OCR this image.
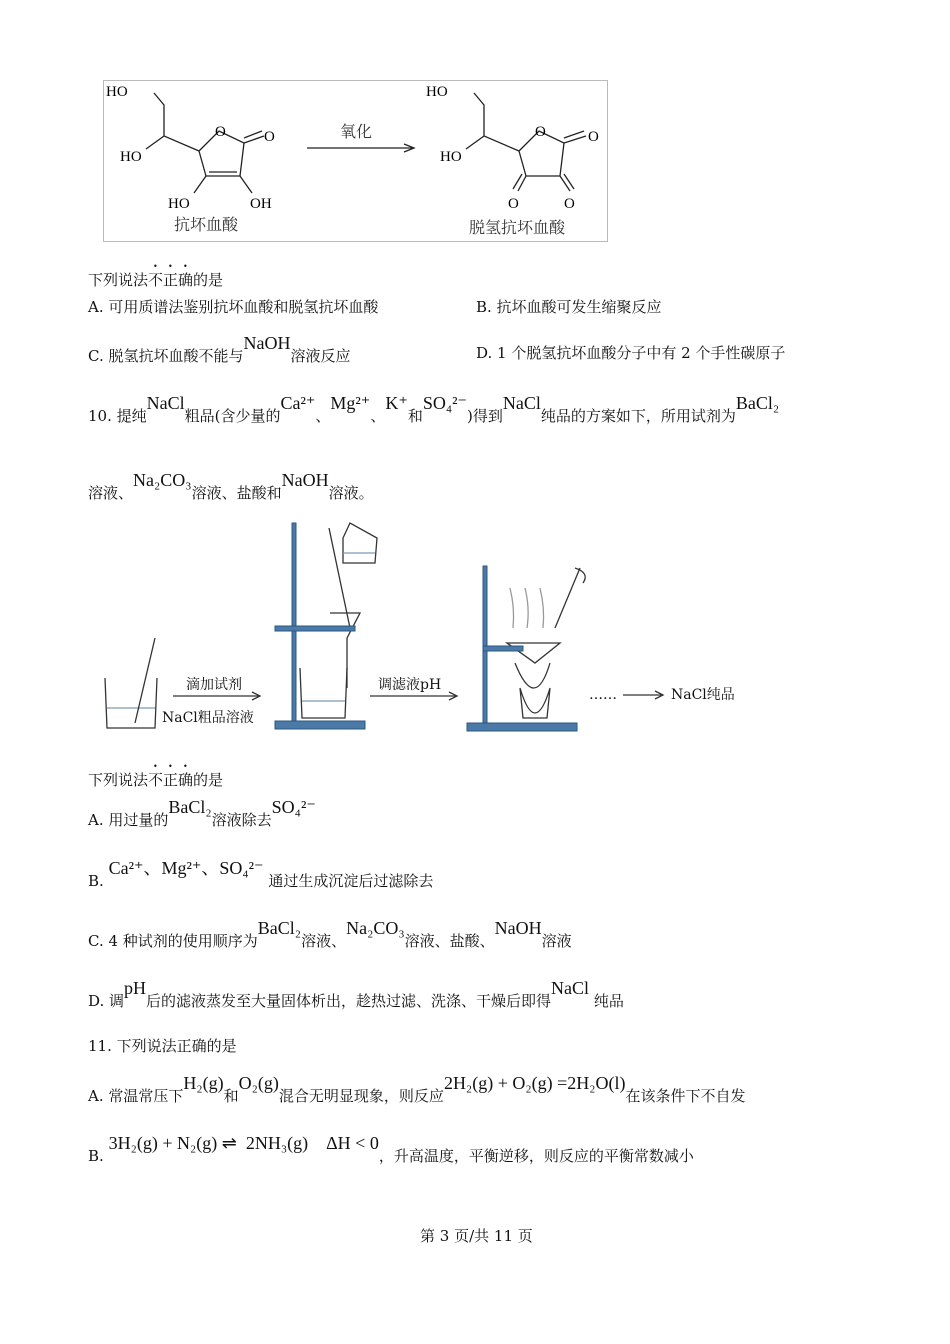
HO
HO
O	O
HO	OH
HO
HO
O	O
O	O
抗坏血酸
氧化
脱氢抗坏血酸
下列说法不正确的是
A. 可用质谱法鉴别抗坏血酸和脱氢抗坏血酸	B. 抗坏血酸可发生缩聚反应
C. 脱氢抗坏血酸不能与NaOH溶液反应	D. 1 个脱氢抗坏血酸分子中有 2 个手性碳原子
10. 提纯NaCl粗品(含少量的Ca²⁺、Mg²⁺、K⁺和SO₄²⁻)得到NaCl纯品的方案如下，所用试剂为BaCl₂
溶液、Na₂CO₃溶液、盐酸和NaOH溶液。
滴加试剂
NaCl粗品溶液
调滤液pH
……	NaCl纯品
下列说法不正确的是
A. 用过量的BaCl₂溶液除去SO₄²⁻
B. Ca²⁺、Mg²⁺、SO₄²⁻ 通过生成沉淀后过滤除去
C. 4 种试剂的使用顺序为BaCl₂溶液、Na₂CO₃溶液、盐酸、NaOH溶液
D. 调pH后的滤液蒸发至大量固体析出，趁热过滤、洗涤、干燥后即得NaCl 纯品
11. 下列说法正确的是
A. 常温常压下H₂(g)和O₂(g)混合无明显现象，则反应2H₂(g) + O₂(g) =2H₂O(l)在该条件下不自发
B. 3H₂(g) + N₂(g) ⇌  2NH₃(g)    ΔH < 0，升高温度，平衡逆移，则反应的平衡常数减小
第 3 页/共 11 页
